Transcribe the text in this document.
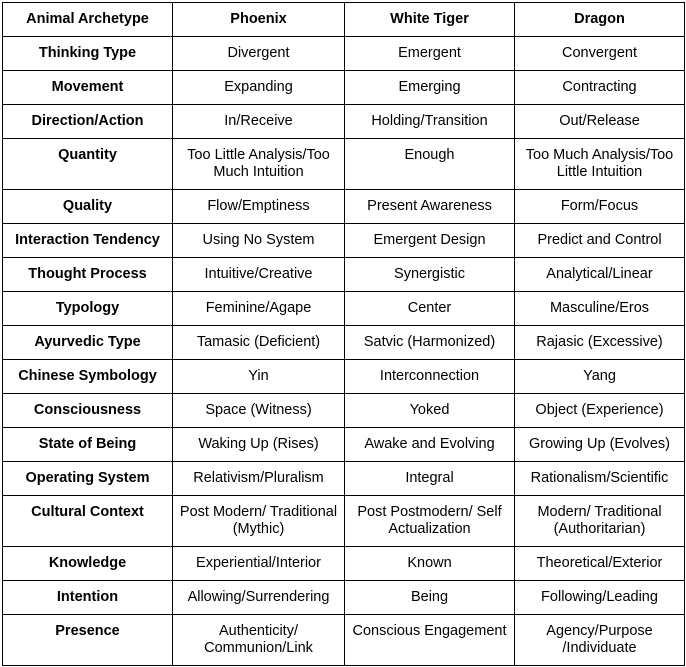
Animal Archetype	Phoenix	White Tiger	Dragon
Thinking Type	Divergent	Emergent	Convergent
Movement	Expanding	Emerging	Contracting
Direction/Action	In/Receive	Holding/Transition	Out/Release
Quantity	Too Little Analysis/Too Much Intuition	Enough	Too Much Analysis/Too Little Intuition
Quality	Flow/Emptiness	Present Awareness	Form/Focus
Interaction Tendency	Using No System	Emergent Design	Predict and Control
Thought Process	Intuitive/Creative	Synergistic	Analytical/Linear
Typology	Feminine/Agape	Center	Masculine/Eros
Ayurvedic Type	Tamasic (Deficient)	Satvic (Harmonized)	Rajasic (Excessive)
Chinese Symbology	Yin	Interconnection	Yang
Consciousness	Space (Witness)	Yoked	Object (Experience)
State of Being	Waking Up (Rises)	Awake and Evolving	Growing Up (Evolves)
Operating System	Relativism/Pluralism	Integral	Rationalism/Scientific
Cultural Context	Post Modern/ Traditional (Mythic)	Post Postmodern/ Self Actualization	Modern/ Traditional (Authoritarian)
Knowledge	Experiential/Interior	Known	Theoretical/Exterior
Intention	Allowing/Surrendering	Being	Following/Leading
Presence	Authenticity/ Communion/Link	Conscious Engagement	Agency/Purpose /Individuate
